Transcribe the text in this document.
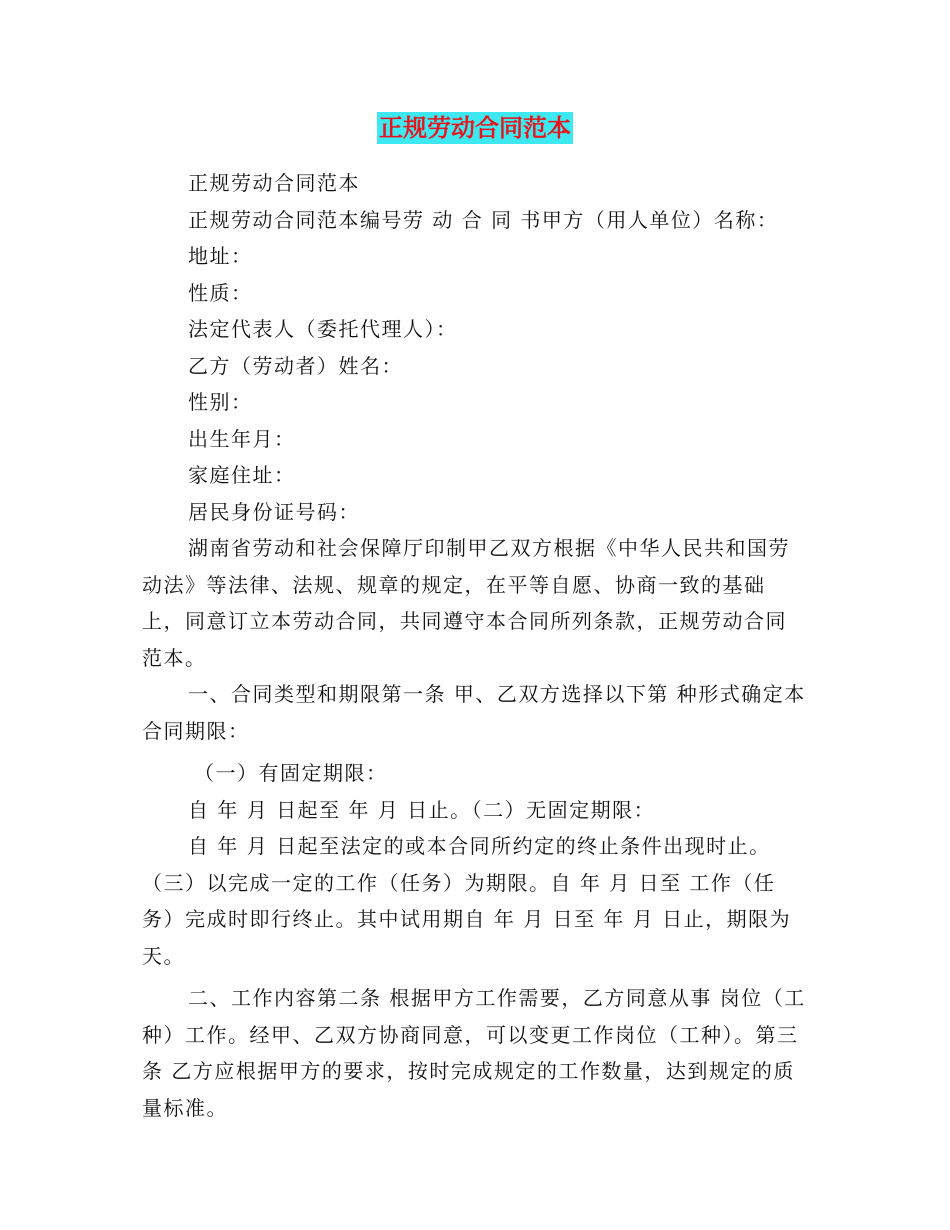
正规劳动合同范本

正规劳动合同范本

正规劳动合同范本编号劳 动 合 同 书甲方（用人单位）名称：

地址：

性质：

法定代表人（委托代理人）：

乙方（劳动者）姓名：

性别：

出生年月：

家庭住址：

居民身份证号码：

湖南省劳动和社会保障厅印制甲乙双方根据《中华人民共和国劳动法》等法律、法规、规章的规定，在平等自愿、协商一致的基础上，同意订立本劳动合同，共同遵守本合同所列条款，正规劳动合同范本。

一、合同类型和期限第一条 甲、乙双方选择以下第 种形式确定本合同期限：

（一）有固定期限：

自 年 月 日起至 年 月 日止。（二）无固定期限：

自 年 月 日起至法定的或本合同所约定的终止条件出现时止。（三）以完成一定的工作（任务）为期限。自 年 月 日至 工作（任务）完成时即行终止。其中试用期自 年 月 日至 年 月 日止，期限为 天。

二、工作内容第二条 根据甲方工作需要，乙方同意从事 岗位（工种）工作。经甲、乙双方协商同意，可以变更工作岗位（工种）。第三条 乙方应根据甲方的要求，按时完成规定的工作数量，达到规定的质量标准。
